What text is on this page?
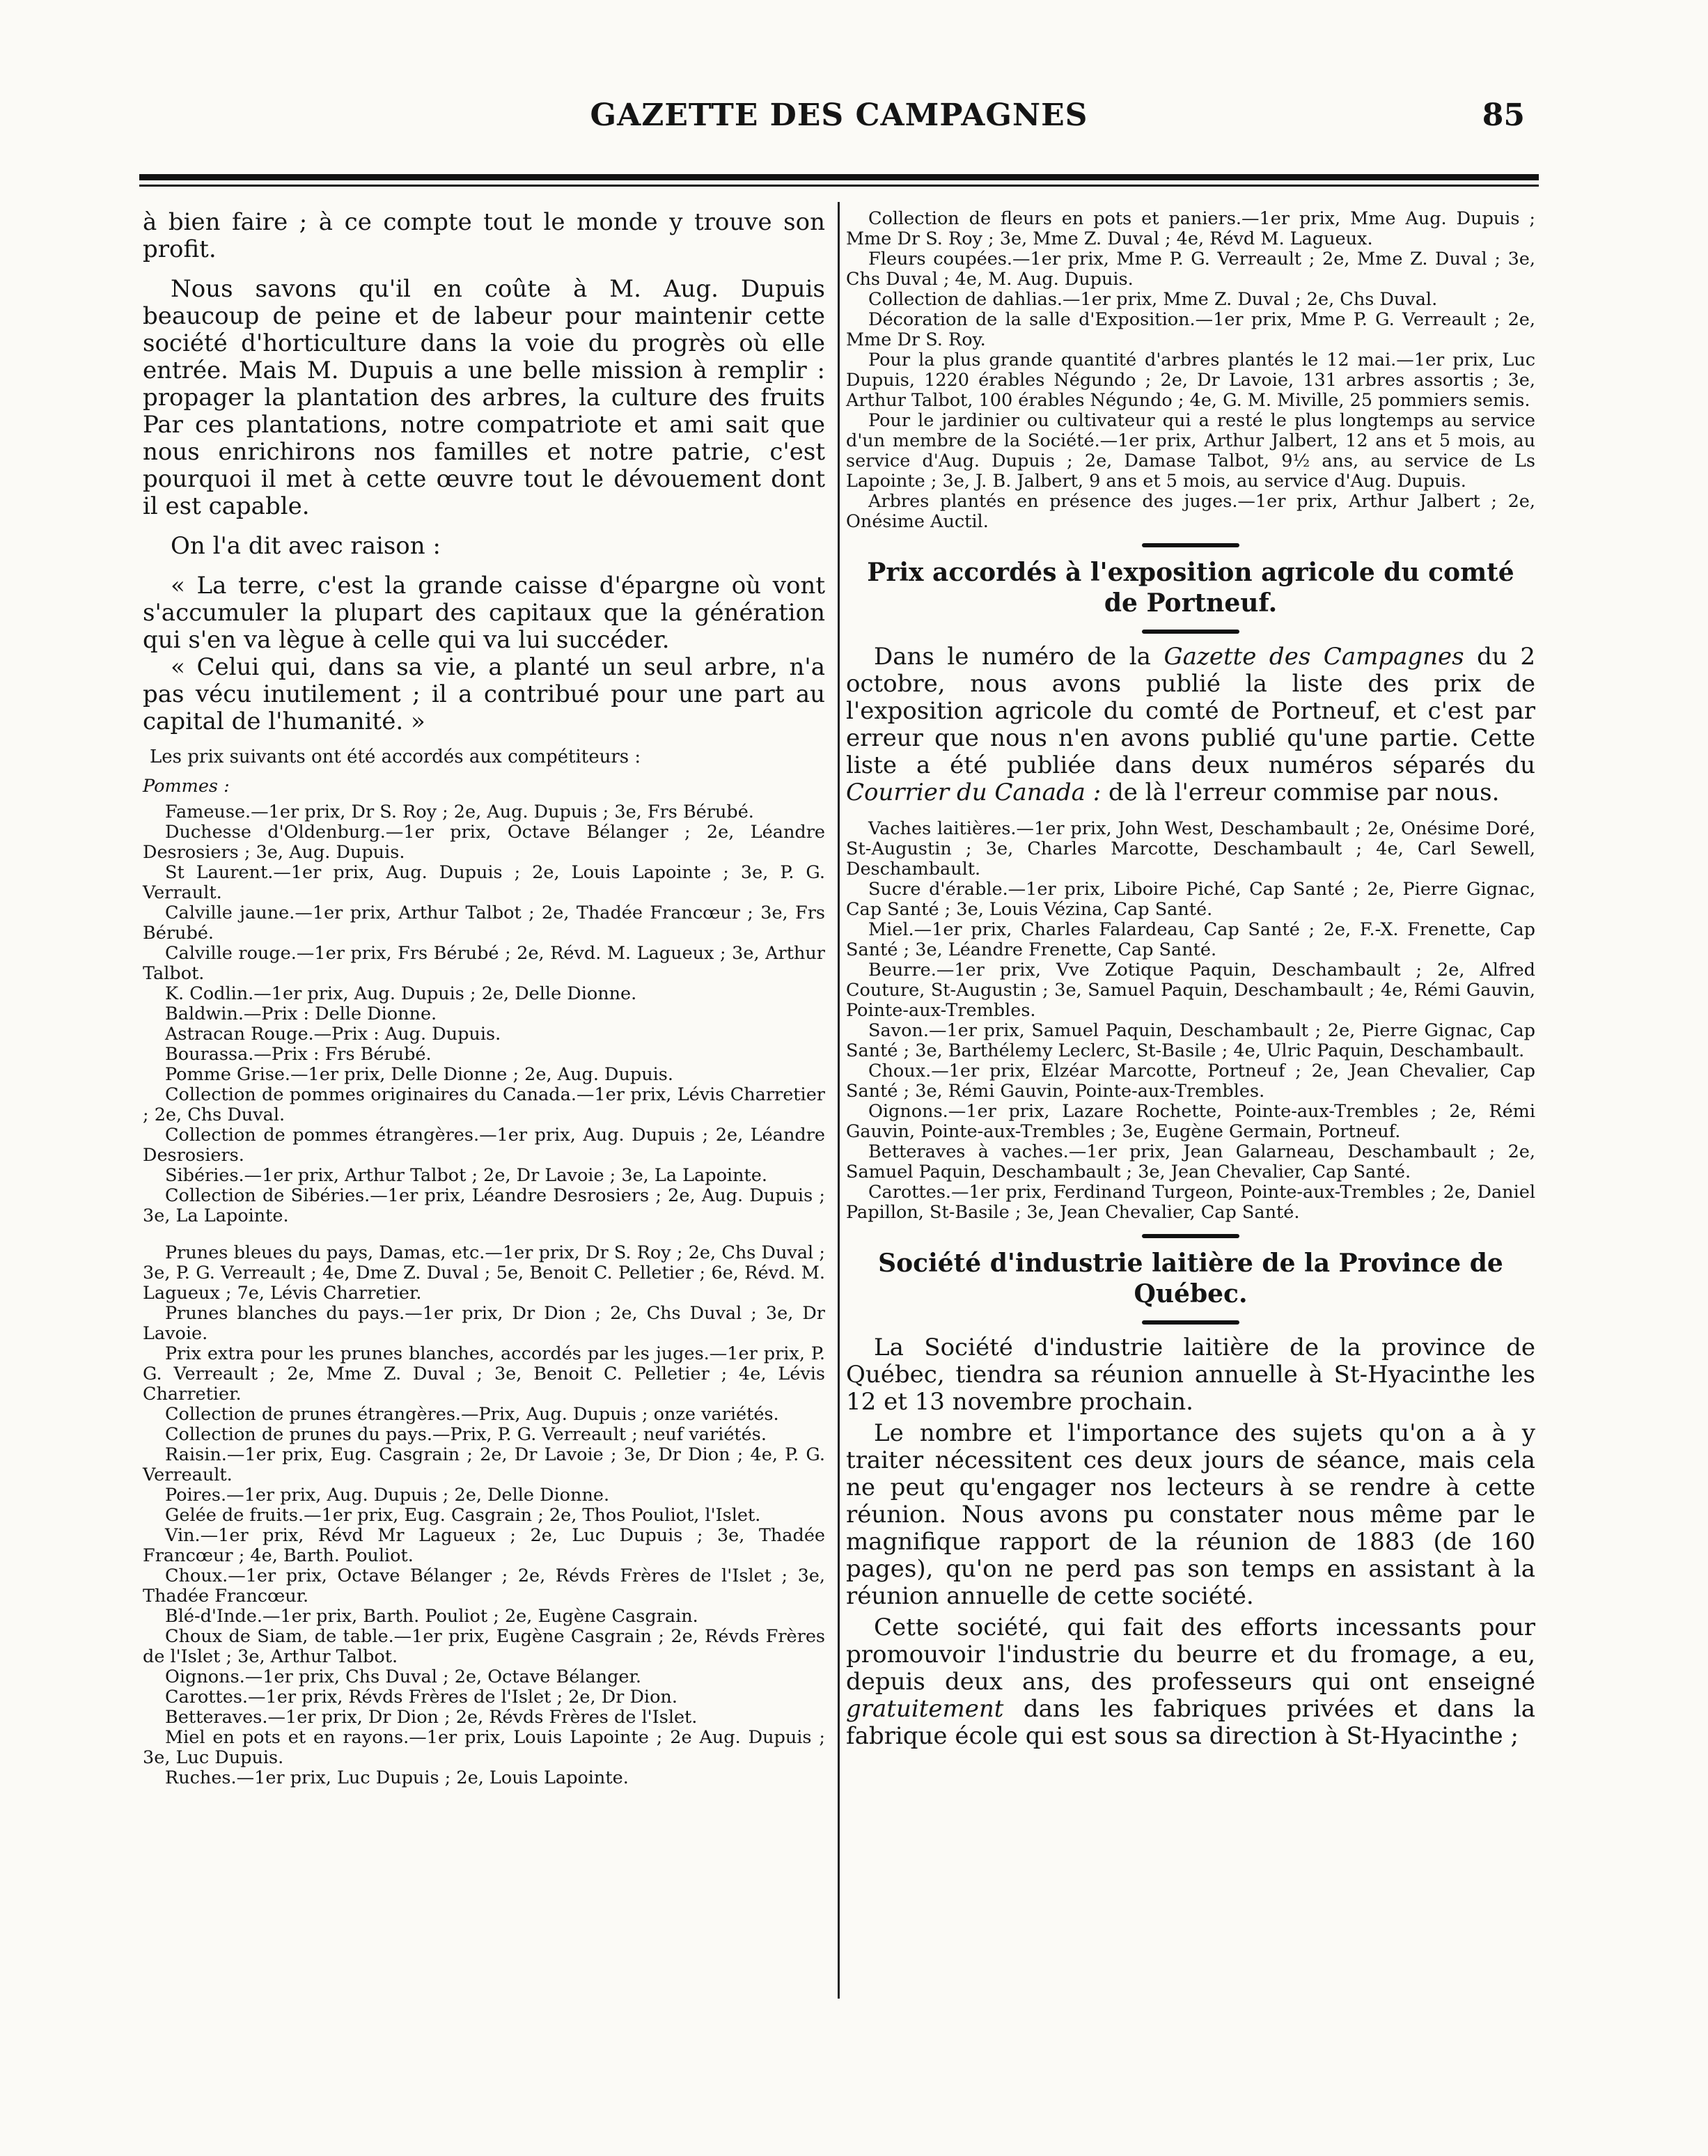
GAZETTE DES CAMPAGNES	85

à bien faire ; à ce compte tout le monde y trouve son profit.

Nous savons qu'il en coûte à M. Aug. Dupuis beaucoup de peine et de labeur pour maintenir cette société d'horticulture dans la voie du progrès où elle entrée. Mais M. Dupuis a une belle mission à remplir : propager la plantation des arbres, la culture des fruits Par ces plantations, notre compatriote et ami sait que nous enrichirons nos familles et notre patrie, c'est pourquoi il met à cette œuvre tout le dévouement dont il est capable.

On l'a dit avec raison :

« La terre, c'est la grande caisse d'épargne où vont s'accumuler la plupart des capitaux que la génération qui s'en va lègue à celle qui va lui succéder.

« Celui qui, dans sa vie, a planté un seul arbre, n'a pas vécu inutilement ; il a contribué pour une part au capital de l'humanité. »

Les prix suivants ont été accordés aux compétiteurs :

Pommes :

Fameuse.—1er prix, Dr S. Roy ; 2e, Aug. Dupuis ; 3e, Frs Bérubé.

Duchesse d'Oldenburg.—1er prix, Octave Bélanger ; 2e, Léandre Desrosiers ; 3e, Aug. Dupuis.

St Laurent.—1er prix, Aug. Dupuis ; 2e, Louis Lapointe ; 3e, P. G. Verrault.

Calville jaune.—1er prix, Arthur Talbot ; 2e, Thadée Francœur ; 3e, Frs Bérubé.

Calville rouge.—1er prix, Frs Bérubé ; 2e, Révd. M. Lagueux ; 3e, Arthur Talbot.

K. Codlin.—1er prix, Aug. Dupuis ; 2e, Delle Dionne.

Baldwin.—Prix : Delle Dionne.

Astracan Rouge.—Prix : Aug. Dupuis.

Bourassa.—Prix : Frs Bérubé.

Pomme Grise.—1er prix, Delle Dionne ; 2e, Aug. Dupuis.

Collection de pommes originaires du Canada.—1er prix, Lévis Charretier ; 2e, Chs Duval.

Collection de pommes étrangères.—1er prix, Aug. Dupuis ; 2e, Léandre Desrosiers.

Sibéries.—1er prix, Arthur Talbot ; 2e, Dr Lavoie ; 3e, La Lapointe.

Collection de Sibéries.—1er prix, Léandre Desrosiers ; 2e, Aug. Dupuis ; 3e, La Lapointe.

Prunes bleues du pays, Damas, etc.—1er prix, Dr S. Roy ; 2e, Chs Duval ; 3e, P. G. Verreault ; 4e, Dme Z. Duval ; 5e, Benoit C. Pelletier ; 6e, Révd. M. Lagueux ; 7e, Lévis Charretier.

Prunes blanches du pays.—1er prix, Dr Dion ; 2e, Chs Duval ; 3e, Dr Lavoie.

Prix extra pour les prunes blanches, accordés par les juges.—1er prix, P. G. Verreault ; 2e, Mme Z. Duval ; 3e, Benoit C. Pelletier ; 4e, Lévis Charretier.

Collection de prunes étrangères.—Prix, Aug. Dupuis ; onze variétés.

Collection de prunes du pays.—Prix, P. G. Verreault ; neuf variétés.

Raisin.—1er prix, Eug. Casgrain ; 2e, Dr Lavoie ; 3e, Dr Dion ; 4e, P. G. Verreault.

Poires.—1er prix, Aug. Dupuis ; 2e, Delle Dionne.

Gelée de fruits.—1er prix, Eug. Casgrain ; 2e, Thos Pouliot, l'Islet.

Vin.—1er prix, Révd Mr Lagueux ; 2e, Luc Dupuis ; 3e, Thadée Francœur ; 4e, Barth. Pouliot.

Choux.—1er prix, Octave Bélanger ; 2e, Révds Frères de l'Islet ; 3e, Thadée Francœur.

Blé-d'Inde.—1er prix, Barth. Pouliot ; 2e, Eugène Casgrain.

Choux de Siam, de table.—1er prix, Eugène Casgrain ; 2e, Révds Frères de l'Islet ; 3e, Arthur Talbot.

Oignons.—1er prix, Chs Duval ; 2e, Octave Bélanger.

Carottes.—1er prix, Révds Frères de l'Islet ; 2e, Dr Dion.

Betteraves.—1er prix, Dr Dion ; 2e, Révds Frères de l'Islet.

Miel en pots et en rayons.—1er prix, Louis Lapointe ; 2e Aug. Dupuis ; 3e, Luc Dupuis.

Ruches.—1er prix, Luc Dupuis ; 2e, Louis Lapointe.

Collection de fleurs en pots et paniers.—1er prix, Mme Aug. Dupuis ; Mme Dr S. Roy ; 3e, Mme Z. Duval ; 4e, Révd M. Lagueux.

Fleurs coupées.—1er prix, Mme P. G. Verreault ; 2e, Mme Z. Duval ; 3e, Chs Duval ; 4e, M. Aug. Dupuis.

Collection de dahlias.—1er prix, Mme Z. Duval ; 2e, Chs Duval.

Décoration de la salle d'Exposition.—1er prix, Mme P. G. Verreault ; 2e, Mme Dr S. Roy.

Pour la plus grande quantité d'arbres plantés le 12 mai.—1er prix, Luc Dupuis, 1220 érables Négundo ; 2e, Dr Lavoie, 131 arbres assortis ; 3e, Arthur Talbot, 100 érables Négundo ; 4e, G. M. Miville, 25 pommiers semis.

Pour le jardinier ou cultivateur qui a resté le plus longtemps au service d'un membre de la Société.—1er prix, Arthur Jalbert, 12 ans et 5 mois, au service d'Aug. Dupuis ; 2e, Damase Talbot, 9½ ans, au service de Ls Lapointe ; 3e, J. B. Jalbert, 9 ans et 5 mois, au service d'Aug. Dupuis.

Arbres plantés en présence des juges.—1er prix, Arthur Jalbert ; 2e, Onésime Auctil.

Prix accordés à l'exposition agricole du comté de Portneuf.

Dans le numéro de la Gazette des Campagnes du 2 octobre, nous avons publié la liste des prix de l'exposition agricole du comté de Portneuf, et c'est par erreur que nous n'en avons publié qu'une partie. Cette liste a été publiée dans deux numéros séparés du Courrier du Canada : de là l'erreur commise par nous.

Vaches laitières.—1er prix, John West, Deschambault ; 2e, Onésime Doré, St-Augustin ; 3e, Charles Marcotte, Deschambault ; 4e, Carl Sewell, Deschambault.

Sucre d'érable.—1er prix, Liboire Piché, Cap Santé ; 2e, Pierre Gignac, Cap Santé ; 3e, Louis Vézina, Cap Santé.

Miel.—1er prix, Charles Falardeau, Cap Santé ; 2e, F.-X. Frenette, Cap Santé ; 3e, Léandre Frenette, Cap Santé.

Beurre.—1er prix, Vve Zotique Paquin, Deschambault ; 2e, Alfred Couture, St-Augustin ; 3e, Samuel Paquin, Deschambault ; 4e, Rémi Gauvin, Pointe-aux-Trembles.

Savon.—1er prix, Samuel Paquin, Deschambault ; 2e, Pierre Gignac, Cap Santé ; 3e, Barthélemy Leclerc, St-Basile ; 4e, Ulric Paquin, Deschambault.

Choux.—1er prix, Elzéar Marcotte, Portneuf ; 2e, Jean Chevalier, Cap Santé ; 3e, Rémi Gauvin, Pointe-aux-Trembles.

Oignons.—1er prix, Lazare Rochette, Pointe-aux-Trembles ; 2e, Rémi Gauvin, Pointe-aux-Trembles ; 3e, Eugène Germain, Portneuf.

Betteraves à vaches.—1er prix, Jean Galarneau, Deschambault ; 2e, Samuel Paquin, Deschambault ; 3e, Jean Chevalier, Cap Santé.

Carottes.—1er prix, Ferdinand Turgeon, Pointe-aux-Trembles ; 2e, Daniel Papillon, St-Basile ; 3e, Jean Chevalier, Cap Santé.

Société d'industrie laitière de la Province de Québec.

La Société d'industrie laitière de la province de Québec, tiendra sa réunion annuelle à St-Hyacinthe les 12 et 13 novembre prochain.

Le nombre et l'importance des sujets qu'on a à y traiter nécessitent ces deux jours de séance, mais cela ne peut qu'engager nos lecteurs à se rendre à cette réunion. Nous avons pu constater nous même par le magnifique rapport de la réunion de 1883 (de 160 pages), qu'on ne perd pas son temps en assistant à la réunion annuelle de cette société.

Cette société, qui fait des efforts incessants pour promouvoir l'industrie du beurre et du fromage, a eu, depuis deux ans, des professeurs qui ont enseigné gratuitement dans les fabriques privées et dans la fabrique école qui est sous sa direction à St-Hyacinthe ;
